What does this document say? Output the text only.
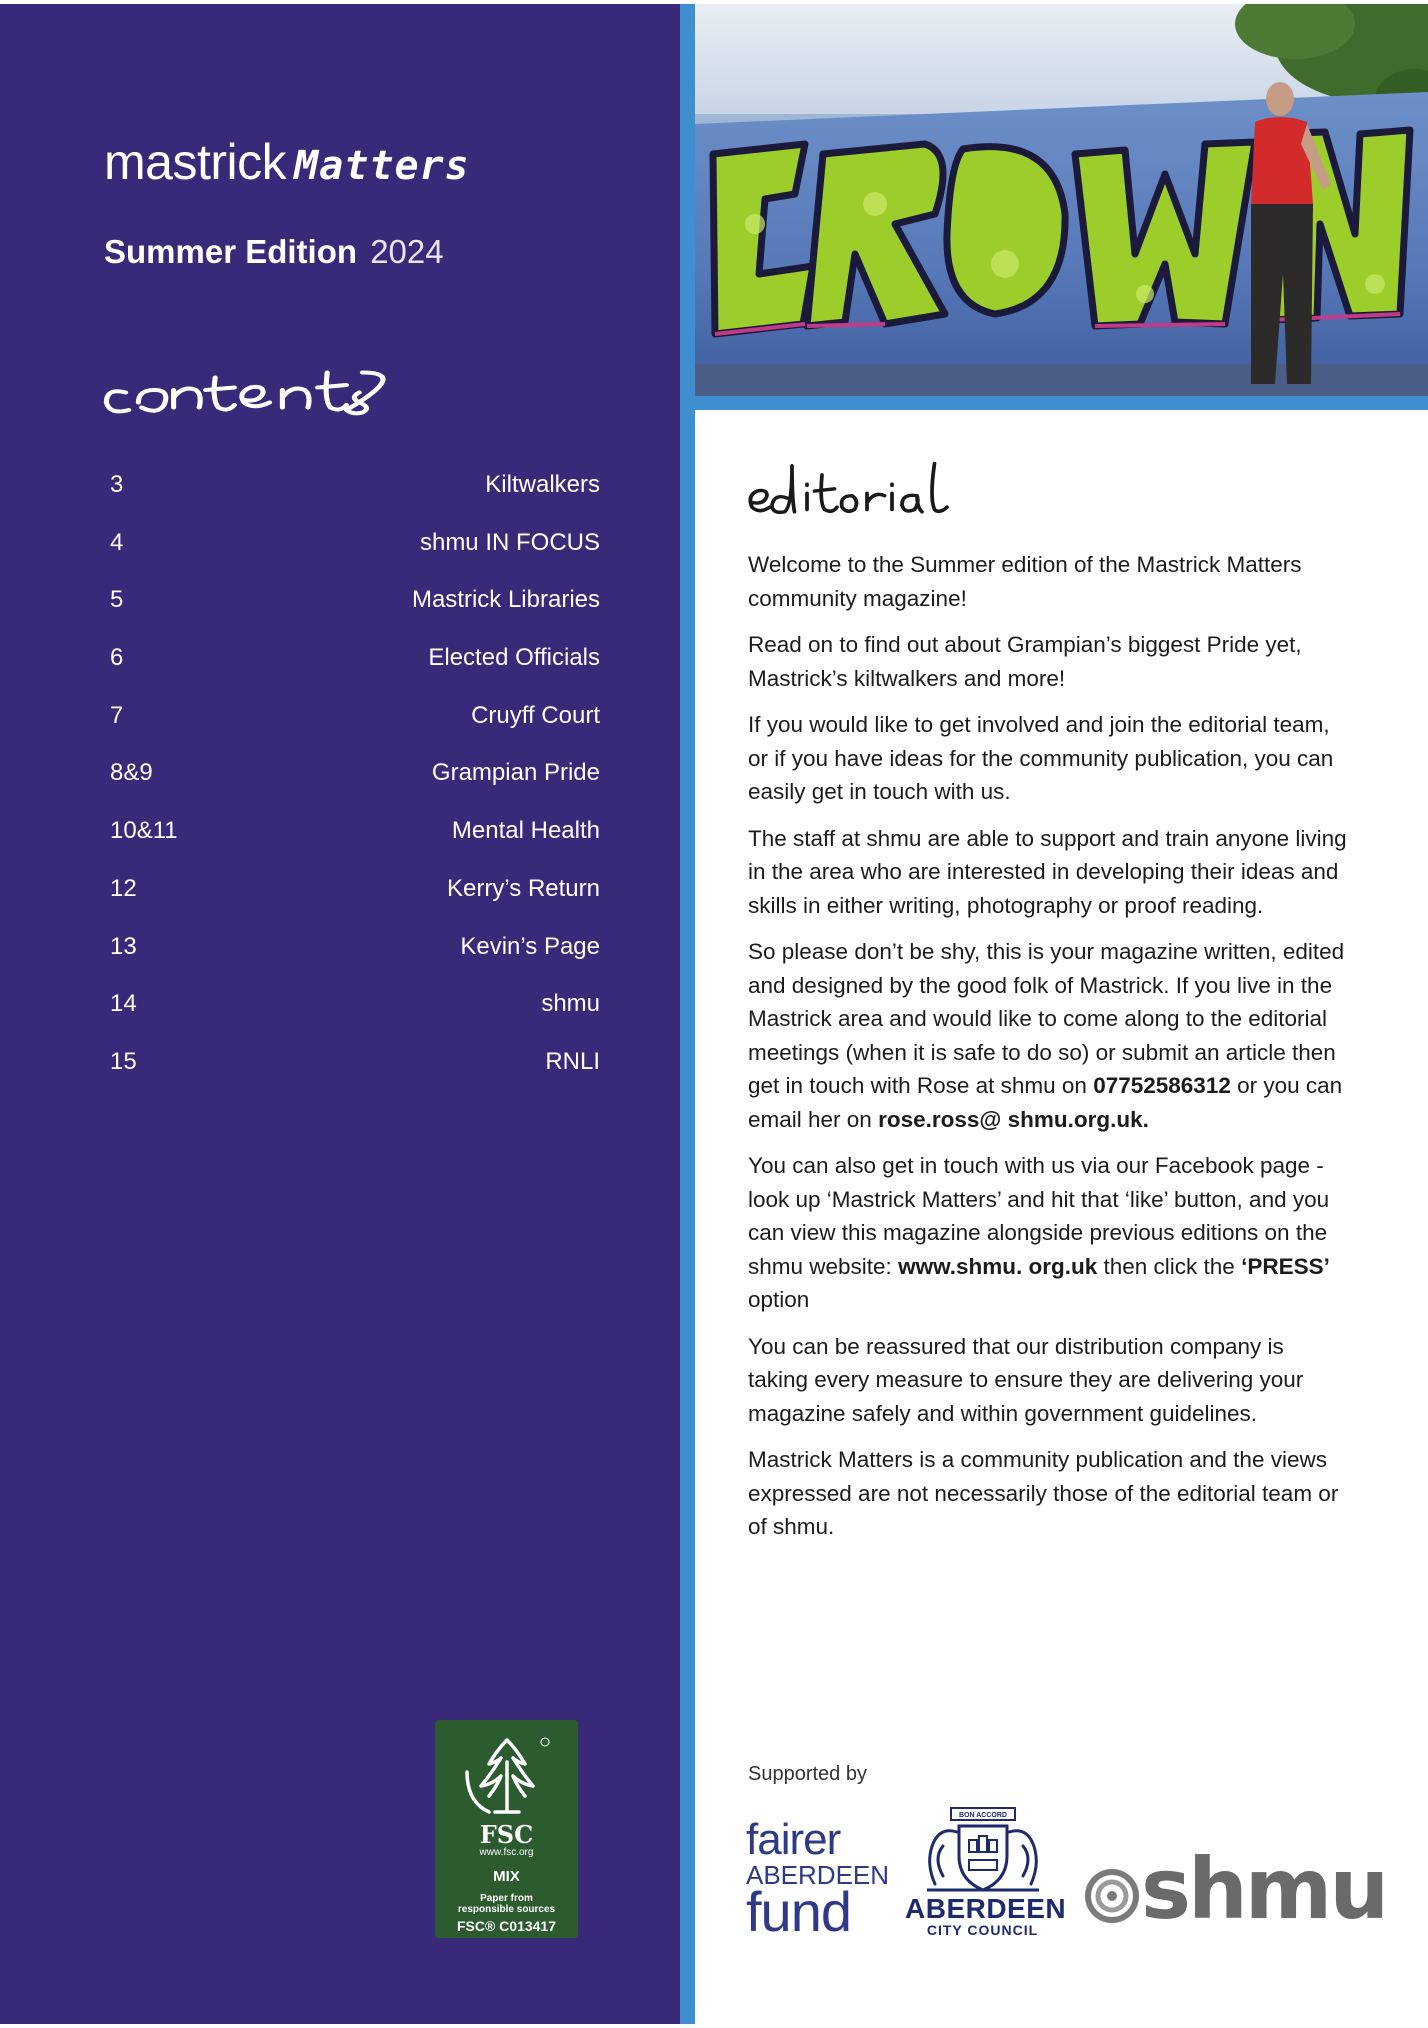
mastrick Matters
Summer Edition 2024
3	Kiltwalkers
4	shmu IN FOCUS
5	Mastrick Libraries
6	Elected Officials
7	Cruyff Court
8&9	Grampian Pride
10&11	Mental Health
12	Kerry’s Return
13	Kevin’s Page
14	shmu
15	RNLI
FSC
www.fsc.org
MIX
Paper from
responsible sources
FSC® C013417

Welcome to the Summer edition of the Mastrick Matters community magazine!

Read on to find out about Grampian’s biggest Pride yet, Mastrick’s kiltwalkers and more!

If you would like to get involved and join the editorial team, or if you have ideas for the community publication, you can easily get in touch with us.

The staff at shmu are able to support and train anyone living in the area who are interested in developing their ideas and skills in either writing, photography or proof reading.

So please don’t be shy, this is your magazine written, edited and designed by the good folk of Mastrick. If you live in the Mastrick area and would like to come along to the editorial meetings (when it is safe to do so) or submit an article then get in touch with Rose at shmu on 07752586312 or you can email her on rose.ross@ shmu.org.uk.

You can also get in touch with us via our Facebook page - look up ‘Mastrick Matters’ and hit that ‘like’ button, and you can view this magazine alongside previous editions on the shmu website: www.shmu. org.uk then click the ‘PRESS’ option

You can be reassured that our distribution company is taking every measure to ensure they are delivering your magazine safely and within government guidelines.

Mastrick Matters is a community publication and the views expressed are not necessarily those of the editorial team or of shmu.

Supported by
fairer
ABERDEEN
fund
BON ACCORD
ABERDEEN
CITY COUNCIL shmu
